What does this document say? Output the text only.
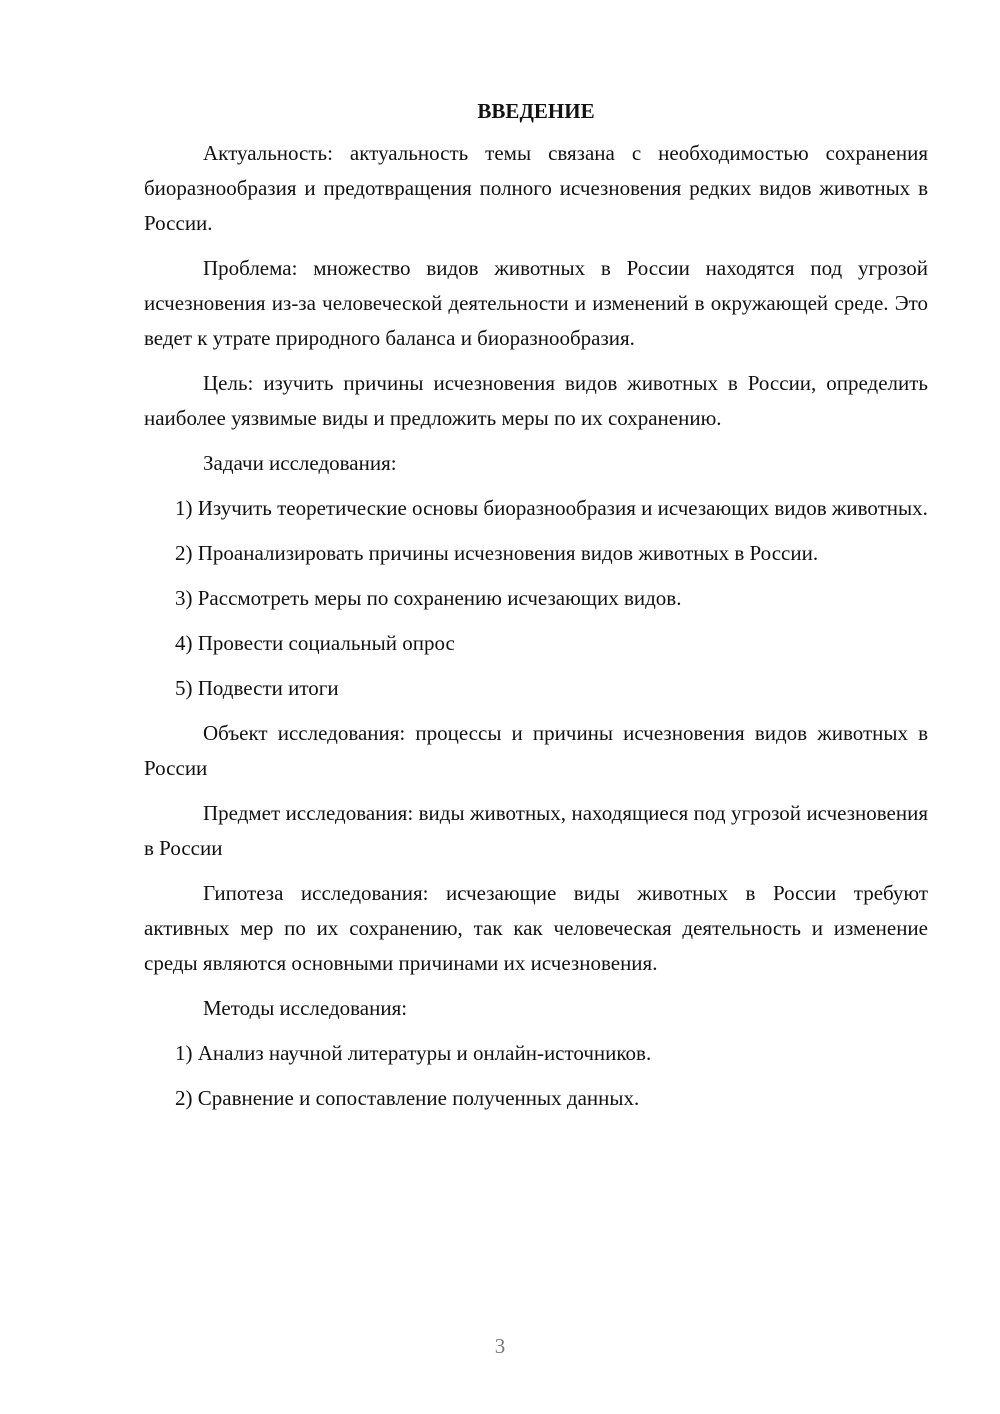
ВВЕДЕНИЕ

Актуальность: актуальность темы связана с необходимостью сохранения биоразнообразия и предотвращения полного исчезновения редких видов животных в России.

Проблема: множество видов животных в России находятся под угрозой исчезновения из-за человеческой деятельности и изменений в окружающей среде. Это ведет к утрате природного баланса и биоразнообразия.

Цель: изучить причины исчезновения видов животных в России, определить наиболее уязвимые виды и предложить меры по их сохранению.

Задачи исследования:

1) Изучить теоретические основы биоразнообразия и исчезающих видов животных.

2) Проанализировать причины исчезновения видов животных в России.

3) Рассмотреть меры по сохранению исчезающих видов.

4) Провести социальный опрос

5) Подвести итоги

Объект исследования: процессы и причины исчезновения видов животных в России

Предмет исследования: виды животных, находящиеся под угрозой исчезновения в России

Гипотеза исследования: исчезающие виды животных в России требуют активных мер по их сохранению, так как человеческая деятельность и изменение среды являются основными причинами их исчезновения.

Методы исследования:

1) Анализ научной литературы и онлайн-источников.

2) Сравнение и сопоставление полученных данных.

3
